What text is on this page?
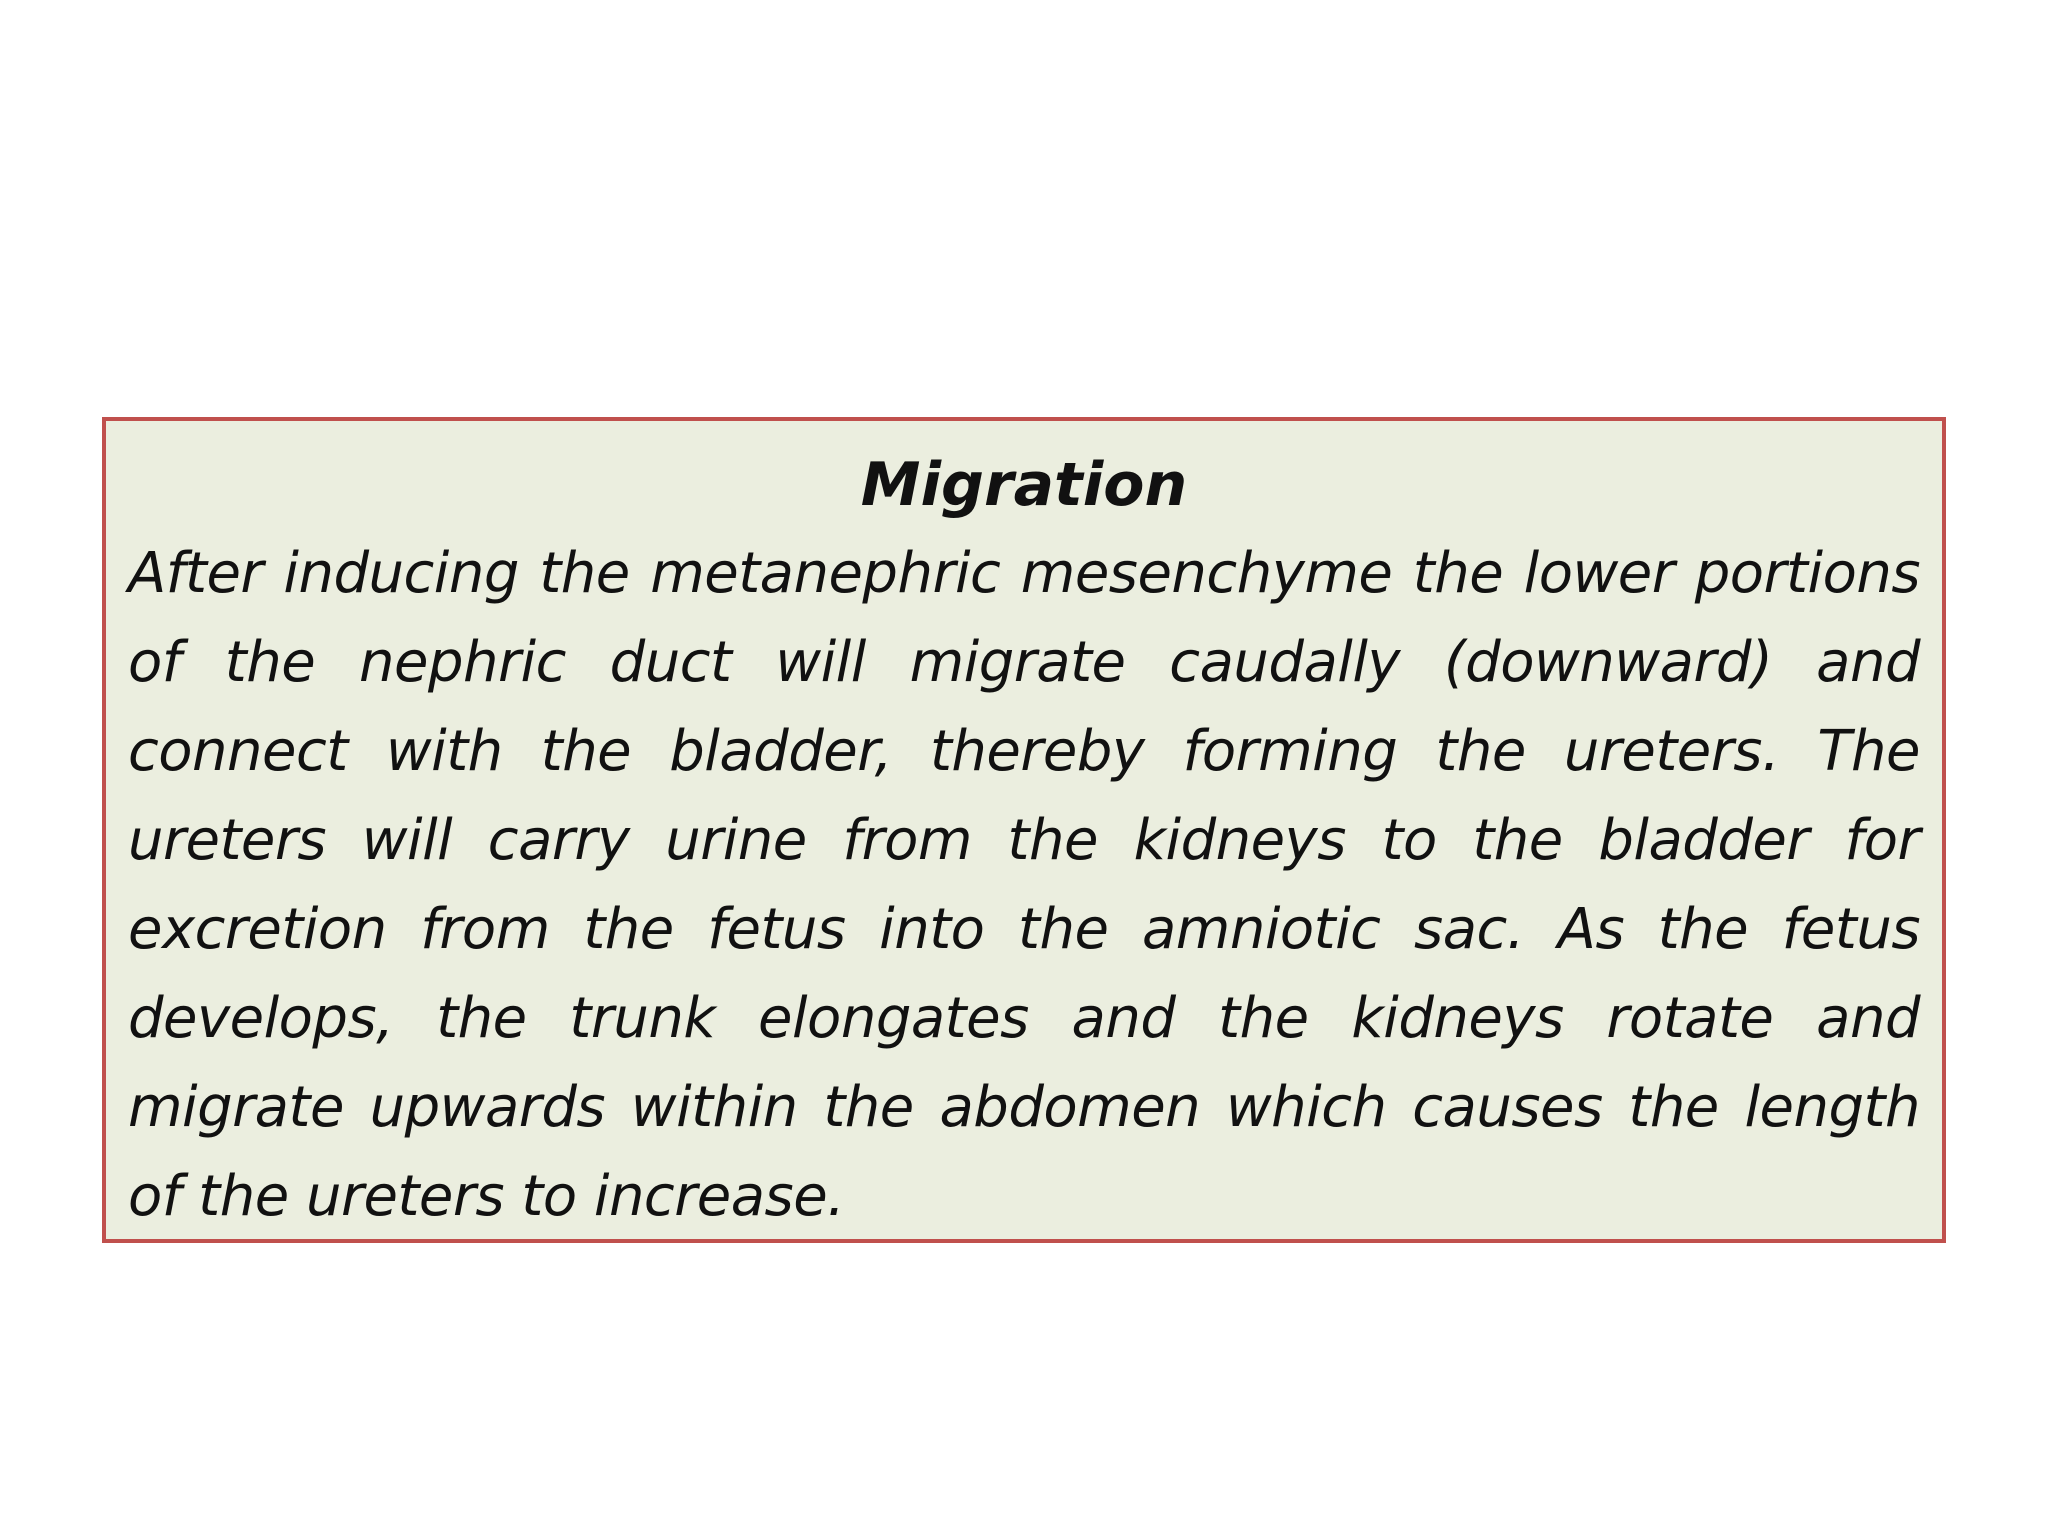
Migration

After inducing the metanephric mesenchyme the lower portions of the nephric duct will migrate caudally (downward) and connect with the bladder, thereby forming the ureters. The ureters will carry urine from the kidneys to the bladder for excretion from the fetus into the amniotic sac. As the fetus develops, the trunk elongates and the kidneys rotate and migrate upwards within the abdomen which causes the length of the ureters to increase.
